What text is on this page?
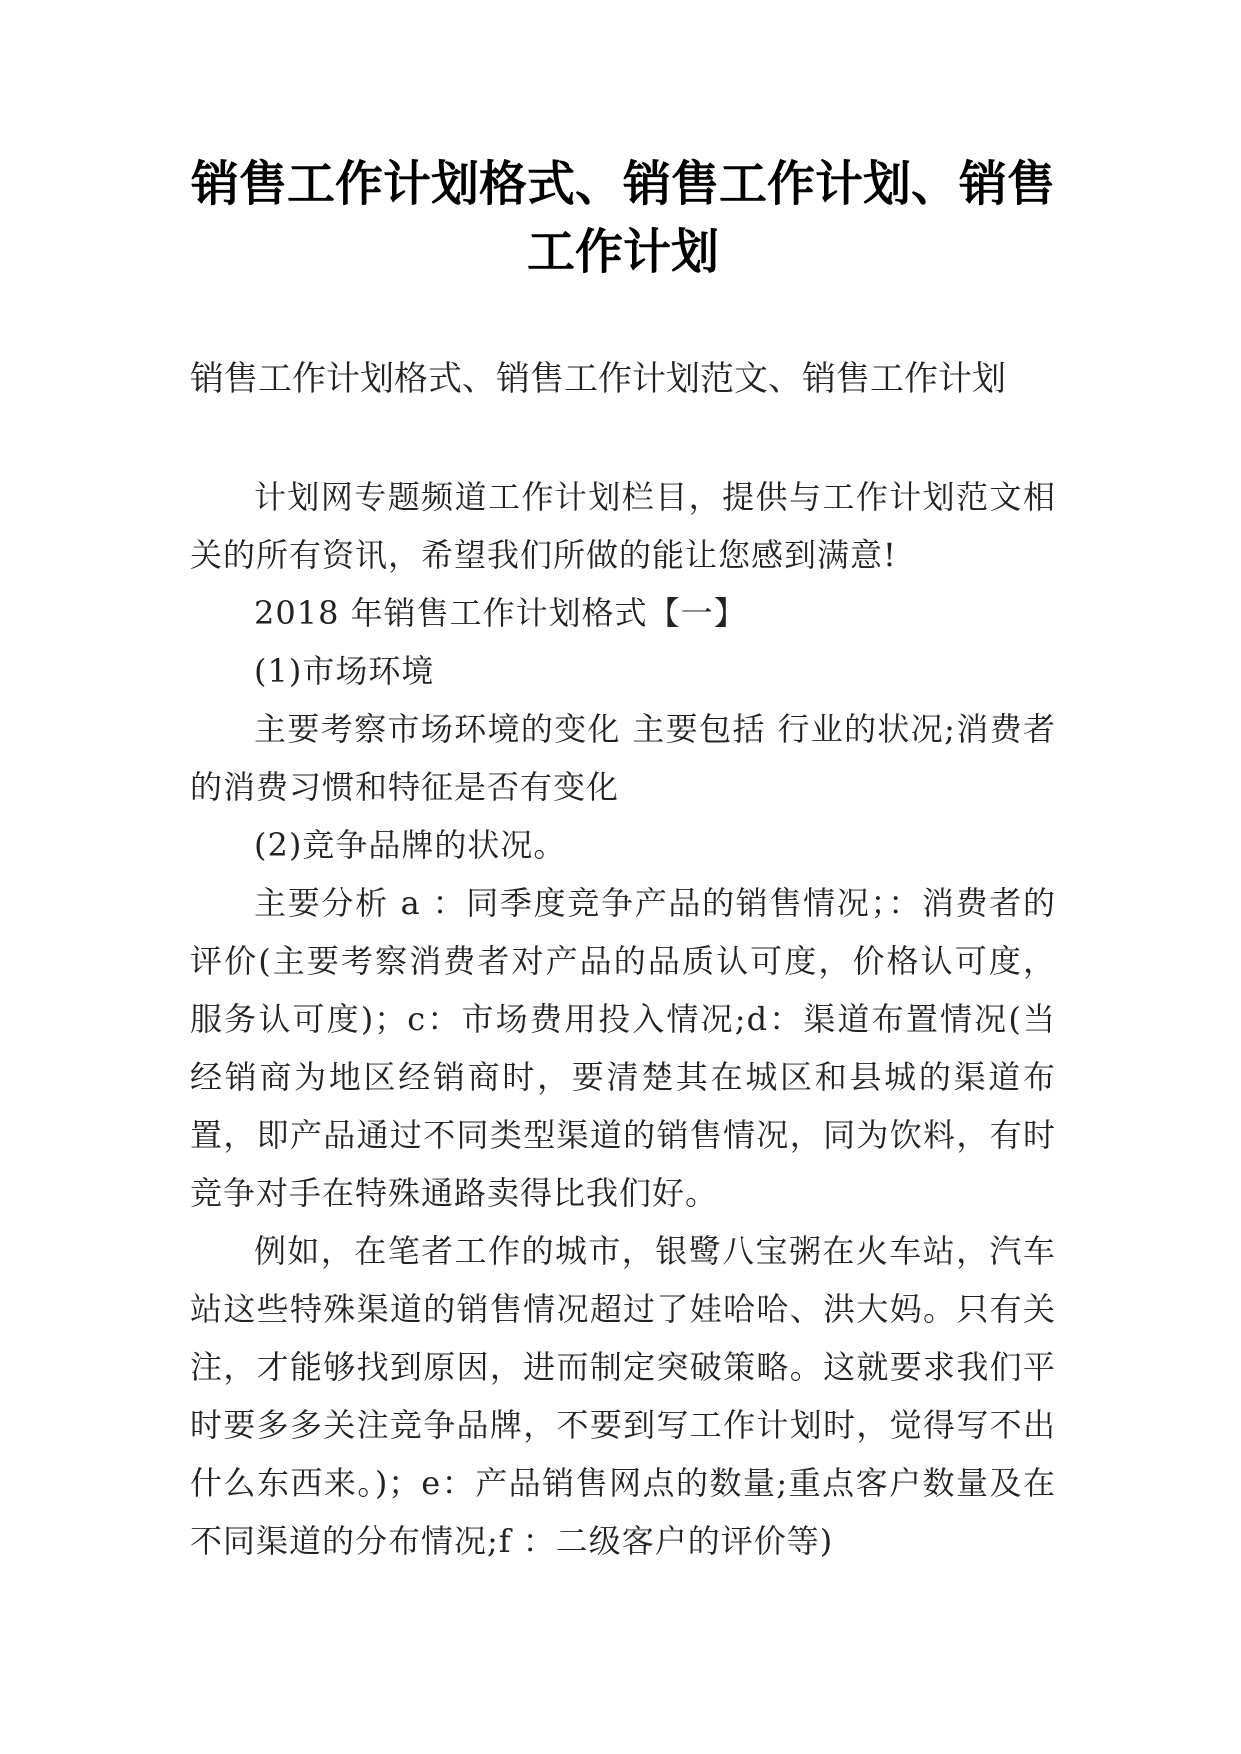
销售工作计划格式、销售工作计划、销售工作计划
销售工作计划格式、销售工作计划范文、销售工作计划

计划网专题频道工作计划栏目，提供与工作计划范文相关的所有资讯，希望我们所做的能让您感到满意!

2018 年销售工作计划格式【一】

(1)市场环境

主要考察市场环境的变化 主要包括 行业的状况;消费者的消费习惯和特征是否有变化

(2)竞争品牌的状况。

主要分析 a ：同季度竞争产品的销售情况；：消费者的评价(主要考察消费者对产品的品质认可度，价格认可度，服务认可度)；c：市场费用投入情况;d：渠道布置情况(当经销商为地区经销商时，要清楚其在城区和县城的渠道布置，即产品通过不同类型渠道的销售情况，同为饮料，有时竞争对手在特殊通路卖得比我们好。

例如，在笔者工作的城市，银鹭八宝粥在火车站，汽车站这些特殊渠道的销售情况超过了娃哈哈、洪大妈。只有关注，才能够找到原因，进而制定突破策略。这就要求我们平时要多多关注竞争品牌，不要到写工作计划时，觉得写不出什么东西来。)；e：产品销售网点的数量;重点客户数量及在不同渠道的分布情况;f ：二级客户的评价等)
